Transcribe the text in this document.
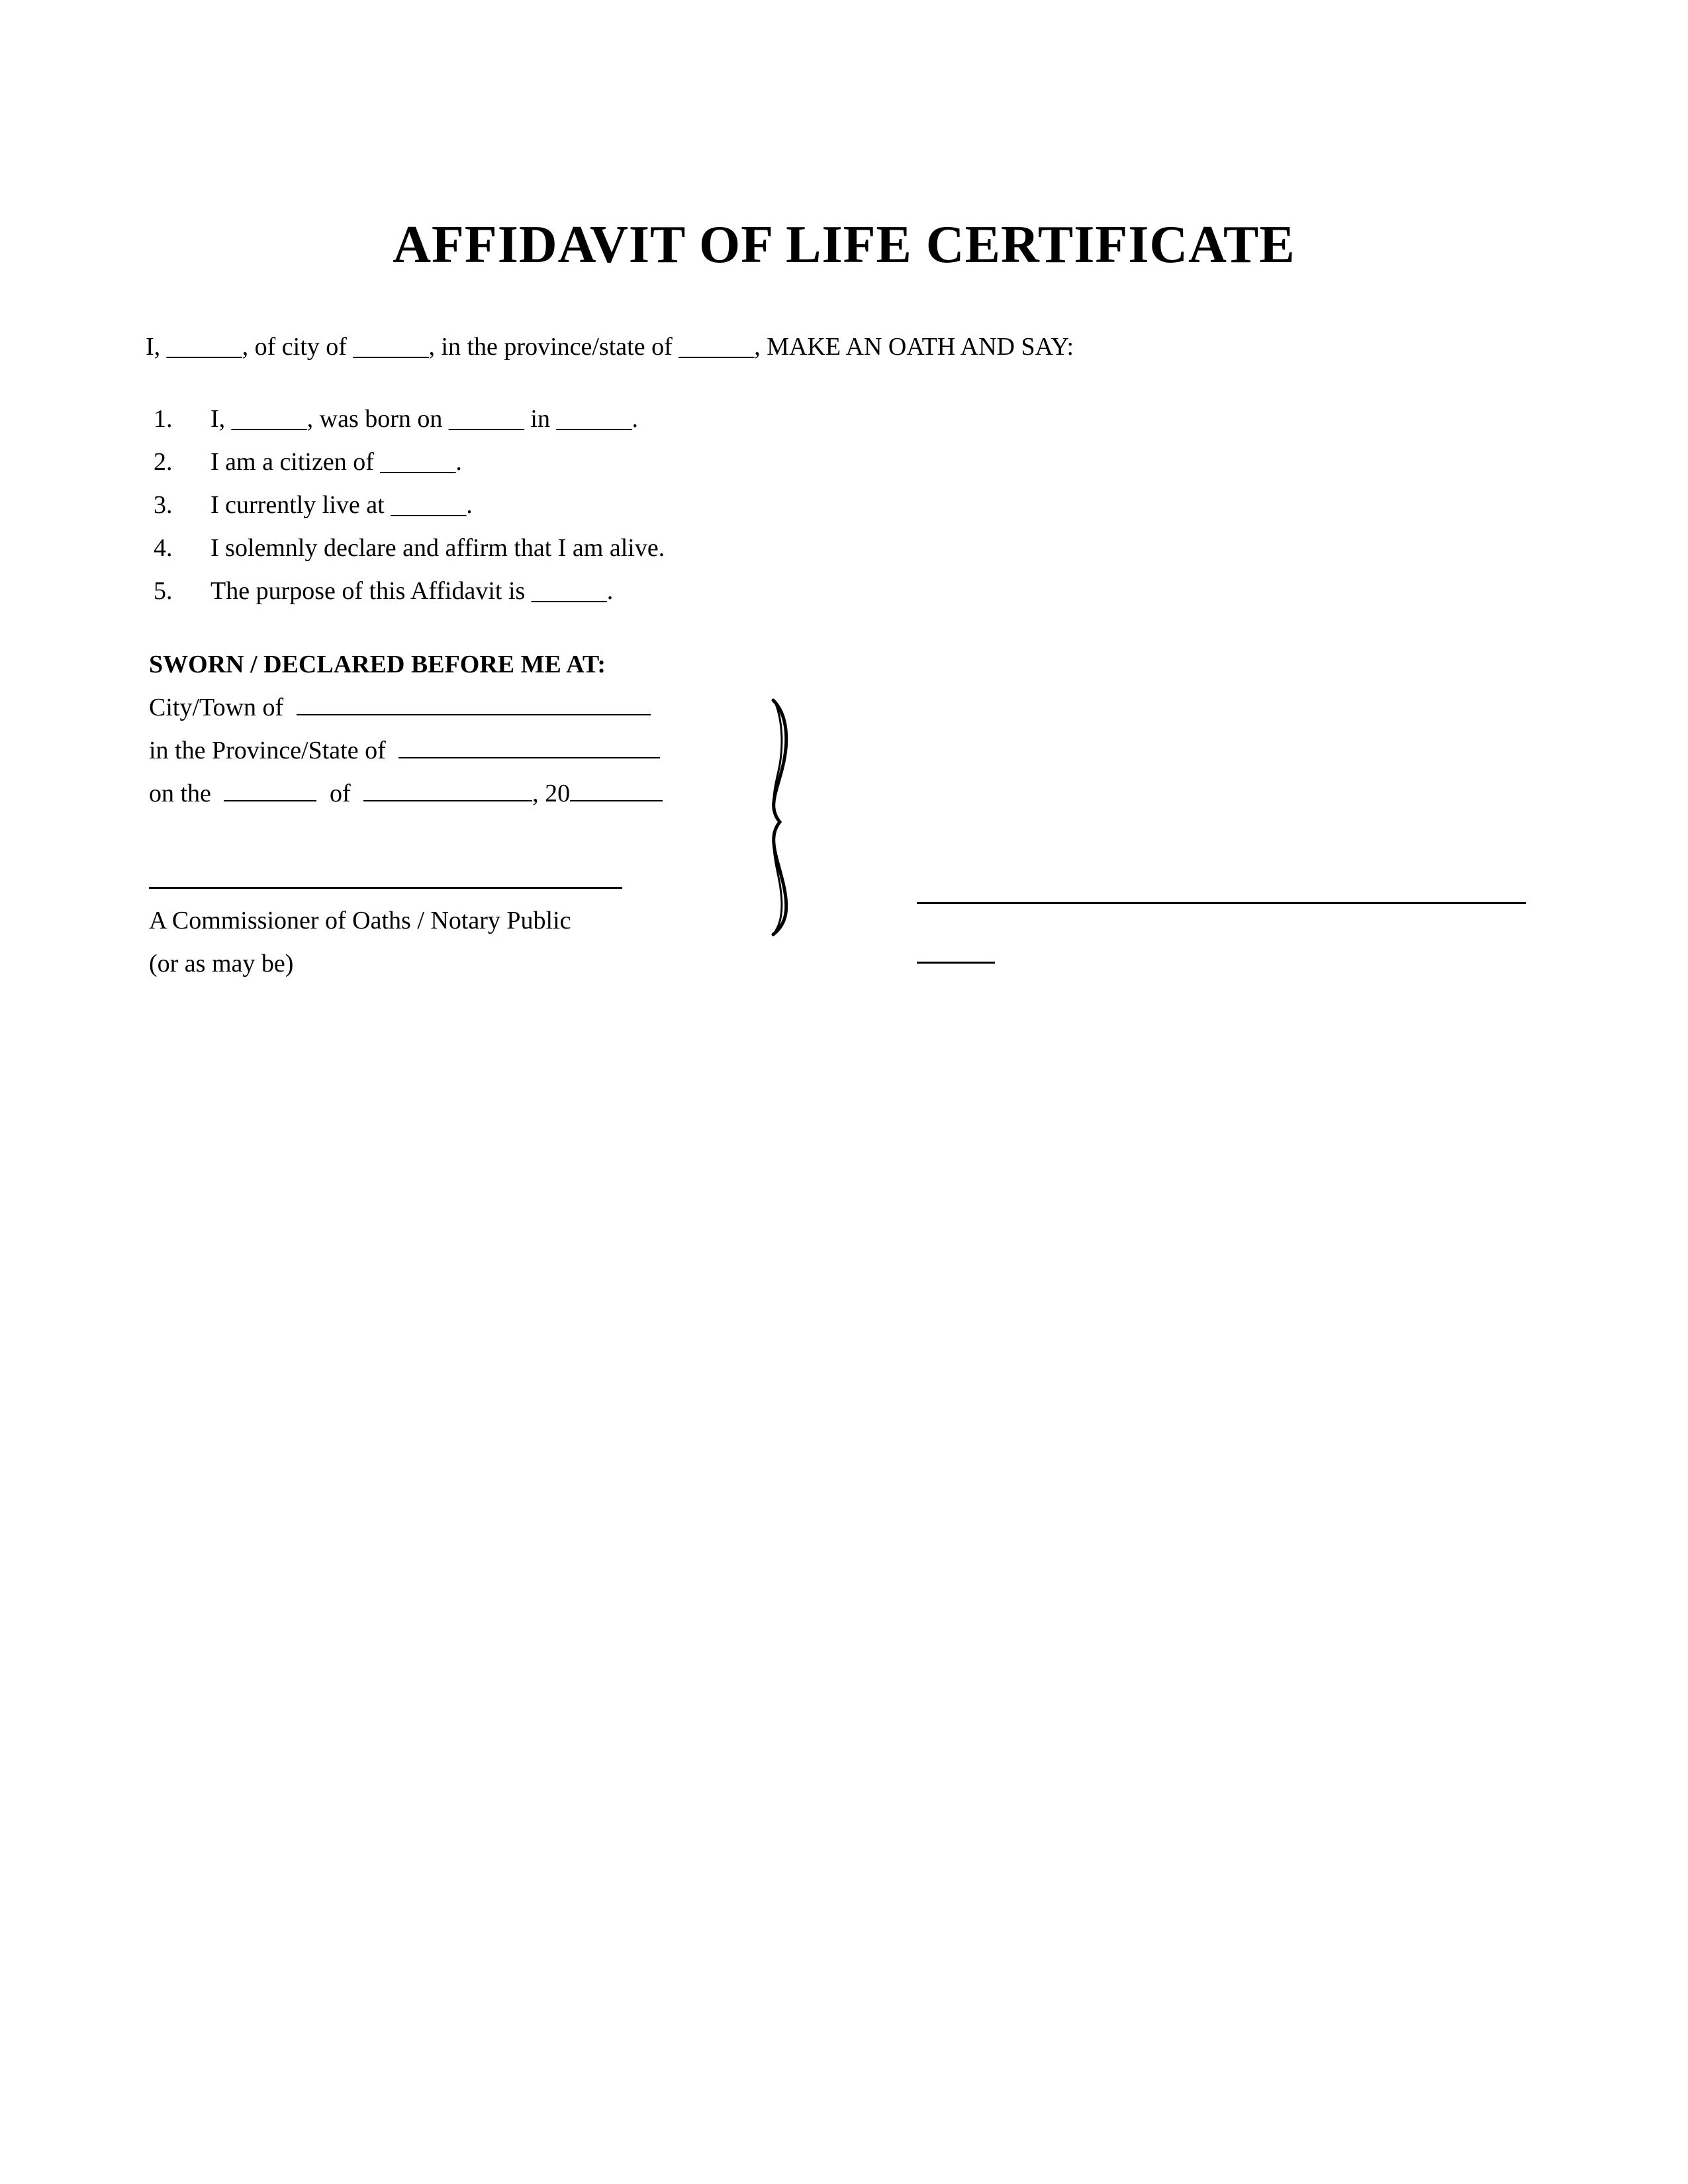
AFFIDAVIT OF LIFE CERTIFICATE
I, ______, of city of ______, in the province/state of ______, MAKE AN OATH AND SAY:
1. I, ______, was born on ______ in ______.
2. I am a citizen of ______.
3. I currently live at ______.
4. I solemnly declare and affirm that I am alive.
5. The purpose of this Affidavit is ______.
SWORN / DECLARED BEFORE ME AT:
City/Town of
in the Province/State of
on the	of	, 20
A Commissioner of Oaths / Notary Public
(or as may be)
